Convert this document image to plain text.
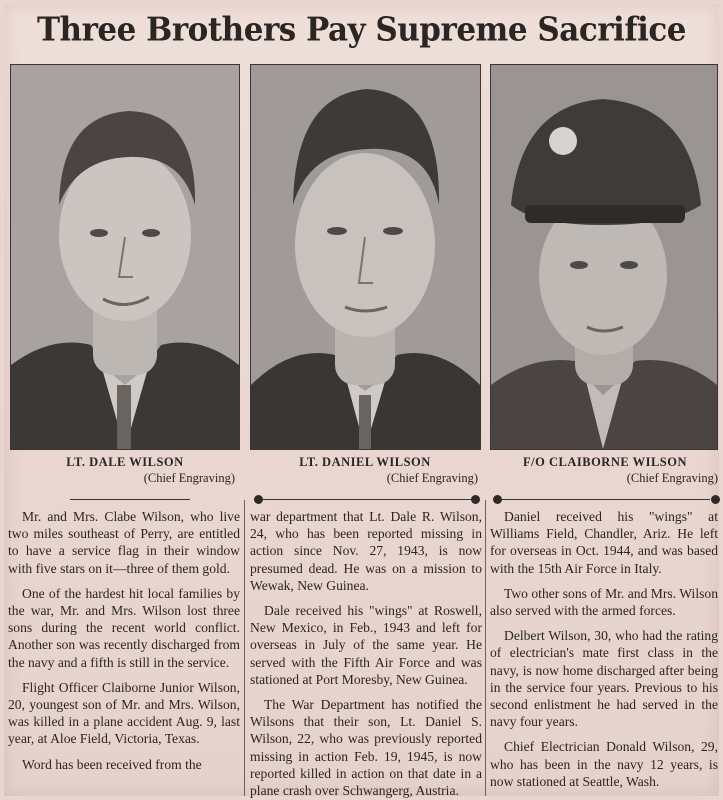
Three Brothers Pay Supreme Sacrifice
LT. DALE WILSON
(Chief Engraving)
LT. DANIEL WILSON
(Chief Engraving)
F/O CLAIBORNE WILSON
(Chief Engraving)

Mr. and Mrs. Clabe Wilson, who live two miles southeast of Perry, are entitled to have a service flag in their window with five stars on it—three of them gold.

One of the hardest hit local families by the war, Mr. and Mrs. Wilson lost three sons during the recent world conflict. Another son was recently discharged from the navy and a fifth is still in the service.

Flight Officer Claiborne Junior Wilson, 20, youngest son of Mr. and Mrs. Wilson, was killed in a plane accident Aug. 9, last year, at Aloe Field, Victoria, Texas.

Word has been received from the

war department that Lt. Dale R. Wilson, 24, who has been reported missing in action since Nov. 27, 1943, is now presumed dead. He was on a mission to Wewak, New Guinea.

Dale received his "wings" at Roswell, New Mexico, in Feb., 1943 and left for overseas in July of the same year. He served with the Fifth Air Force and was stationed at Port Moresby, New Guinea.

The War Department has notified the Wilsons that their son, Lt. Daniel S. Wilson, 22, who was previously reported missing in action Feb. 19, 1945, is now reported killed in action on that date in a plane crash over Schwangerg, Austria.

Daniel received his "wings" at Williams Field, Chandler, Ariz. He left for overseas in Oct. 1944, and was based with the 15th Air Force in Italy.

Two other sons of Mr. and Mrs. Wilson also served with the armed forces.

Delbert Wilson, 30, who had the rating of electrician's mate first class in the navy, is now home discharged after being in the service four years. Previous to his second enlistment he had served in the navy four years.

Chief Electrician Donald Wilson, 29, who has been in the navy 12 years, is now stationed at Seattle, Wash.
